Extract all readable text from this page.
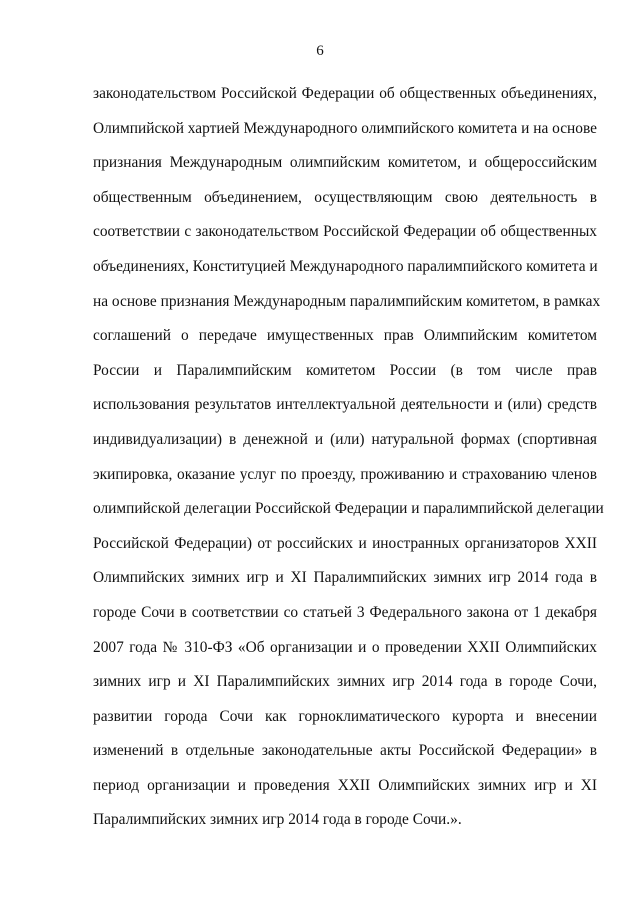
6
законодательством Российской Федерации об общественных объединениях,
Олимпийской хартией Международного олимпийского комитета и на основе
признания Международным олимпийским комитетом, и общероссийским
общественным объединением, осуществляющим свою деятельность в
соответствии с законодательством Российской Федерации об общественных
объединениях, Конституцией Международного паралимпийского комитета и
на основе признания Международным паралимпийским комитетом, в рамках
соглашений о передаче имущественных прав Олимпийским комитетом
России и Паралимпийским комитетом России (в том числе прав
использования результатов интеллектуальной деятельности и (или) средств
индивидуализации) в денежной и (или) натуральной формах (спортивная
экипировка, оказание услуг по проезду, проживанию и страхованию членов
олимпийской делегации Российской Федерации и паралимпийской делегации
Российской Федерации) от российских и иностранных организаторов XXII
Олимпийских зимних игр и XI Паралимпийских зимних игр 2014 года в
городе Сочи в соответствии со статьей 3 Федерального закона от 1 декабря
2007 года № 310-ФЗ «Об организации и о проведении XXII Олимпийских
зимних игр и XI Паралимпийских зимних игр 2014 года в городе Сочи,
развитии города Сочи как горноклиматического курорта и внесении
изменений в отдельные законодательные акты Российской Федерации» в
период организации и проведения XXII Олимпийских зимних игр и XI
Паралимпийских зимних игр 2014 года в городе Сочи.».
